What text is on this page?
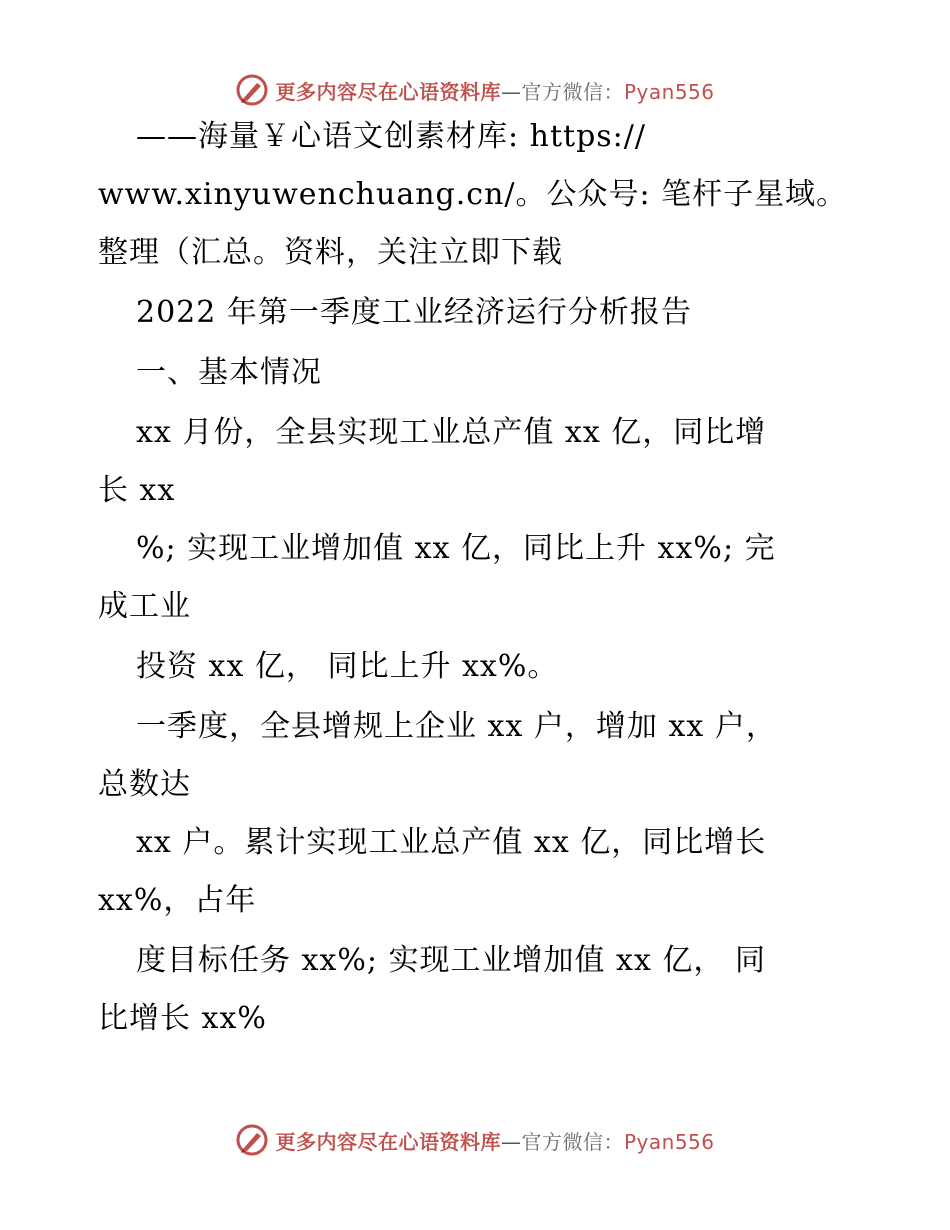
更多内容尽在心语资料库—官方微信：Pyan556

——海量￥心语文创素材库: https://

www.xinyuwenchuang.cn/。公众号: 笔杆子星域。

整理（汇总。资料，关注立即下载

2022 年第一季度工业经济运行分析报告

一、基本情况

xx 月份，全县实现工业总产值 xx 亿，同比增

长 xx

%; 实现工业增加值 xx 亿，同比上升 xx%; 完

成工业

投资 xx 亿， 同比上升 xx%。

一季度，全县增规上企业 xx 户，增加 xx 户，

总数达

xx 户。累计实现工业总产值 xx 亿，同比增长

xx%，占年

度目标任务 xx%; 实现工业增加值 xx 亿， 同

比增长 xx%

更多内容尽在心语资料库—官方微信：Pyan556
